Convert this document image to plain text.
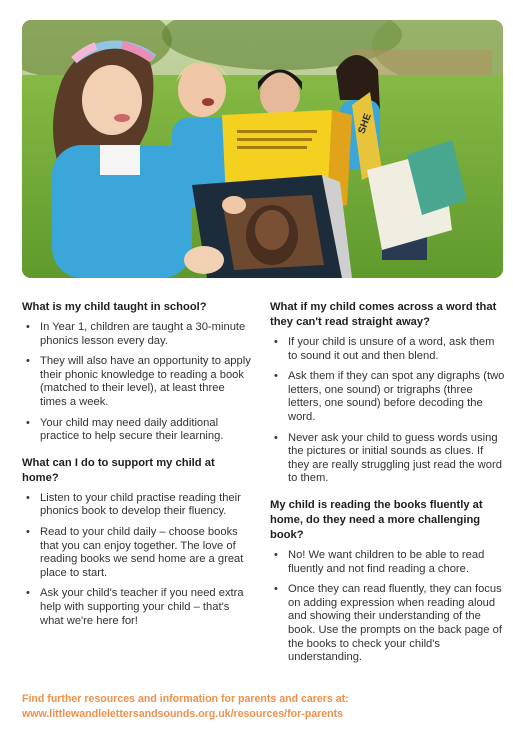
SHE
What is my child taught in school?
• In Year 1, children are taught a 30-minute phonics lesson every day.
• They will also have an opportunity to apply their phonic knowledge to reading a book (matched to their level), at least three times a week.
• Your child may need daily additional practice to help secure their learning.
What can I do to support my child at home?
• Listen to your child practise reading their phonics book to develop their fluency.
• Read to your child daily – choose books that you can enjoy together. The love of reading books we send home are a great place to start.
• Ask your child's teacher if you need extra help with supporting your child – that's what we're here for!
What if my child comes across a word that they can't read straight away?
• If your child is unsure of a word, ask them to sound it out and then blend.
• Ask them if they can spot any digraphs (two letters, one sound) or trigraphs (three letters, one sound) before decoding the word.
• Never ask your child to guess words using the pictures or initial sounds as clues. If they are really struggling just read the word to them.
My child is reading the books fluently at home, do they need a more challenging book?
• No! We want children to be able to read fluently and not find reading a chore.
• Once they can read fluently, they can focus on adding expression when reading aloud and showing their understanding of the book. Use the prompts on the back page of the books to check your child's understanding.
Find further resources and information for parents and carers at:
www.littlewandlelettersandsounds.org.uk/resources/for-parents
